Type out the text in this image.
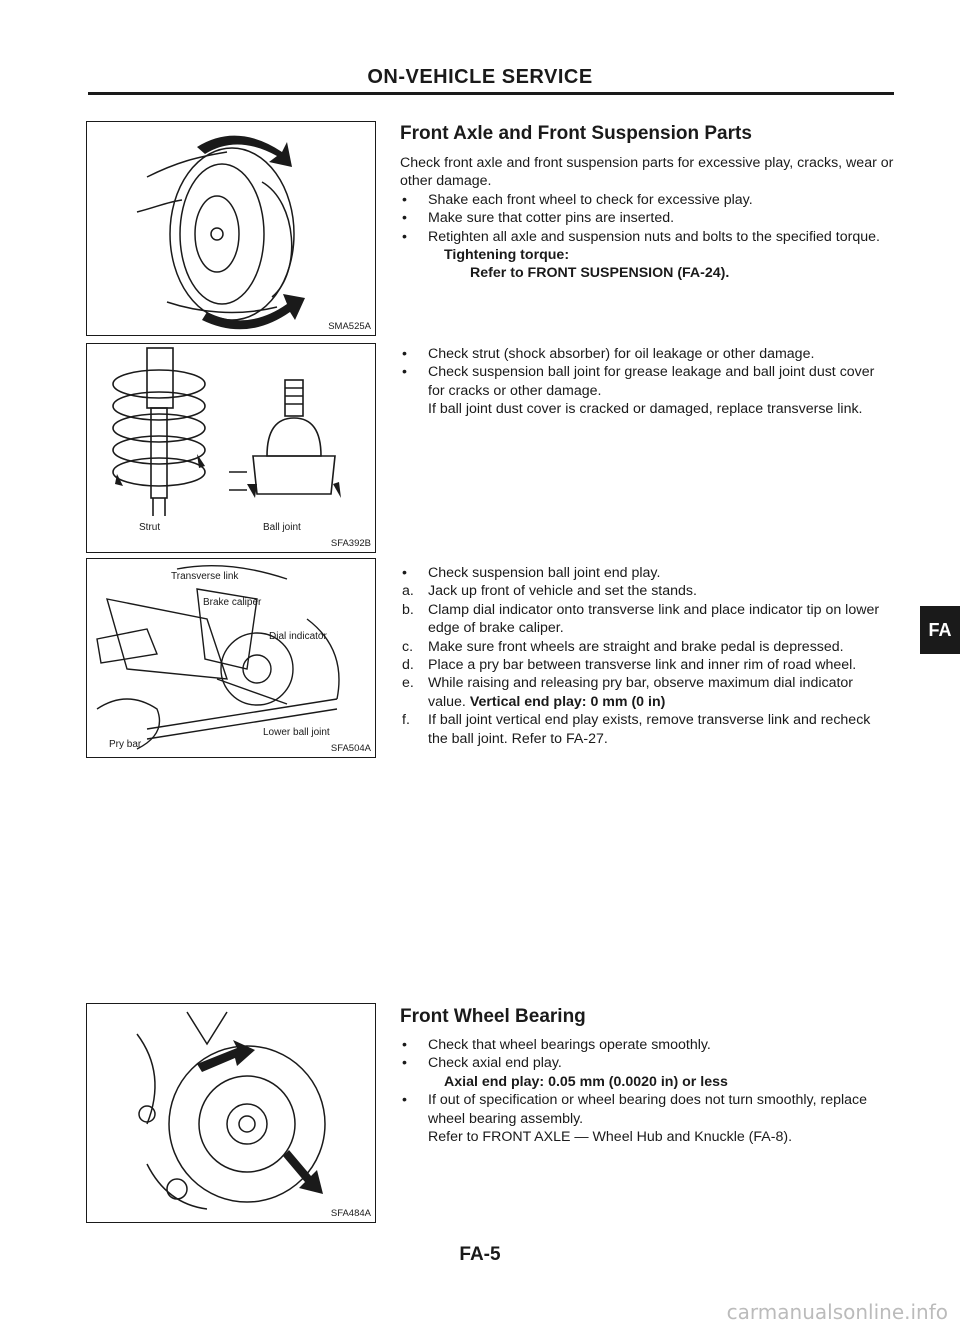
ON-VEHICLE SERVICE
SMA525A
Strut	Ball joint
SFA392B
Transverse link
Brake caliper
Dial indicator
Lower ball joint
Pry bar	SFA504A
SFA484A
Front Axle and Front Suspension Parts
Check front axle and front suspension parts for excessive play, cracks, wear or other damage.
• Shake each front wheel to check for excessive play.
• Make sure that cotter pins are inserted.
• Retighten all axle and suspension nuts and bolts to the specified torque.
Tightening torque:
Refer to FRONT SUSPENSION (FA-24).
• Check strut (shock absorber) for oil leakage or other damage.
• Check suspension ball joint for grease leakage and ball joint dust cover for cracks or other damage.
If ball joint dust cover is cracked or damaged, replace transverse link.
• Check suspension ball joint end play.
a. Jack up front of vehicle and set the stands.
b. Clamp dial indicator onto transverse link and place indicator tip on lower edge of brake caliper.
c. Make sure front wheels are straight and brake pedal is depressed.
d. Place a pry bar between transverse link and inner rim of road wheel.
e. While raising and releasing pry bar, observe maximum dial indicator value. Vertical end play: 0 mm (0 in)
f. If ball joint vertical end play exists, remove transverse link and recheck the ball joint. Refer to FA-27.
Front Wheel Bearing
• Check that wheel bearings operate smoothly.
• Check axial end play.
Axial end play: 0.05 mm (0.0020 in) or less
• If out of specification or wheel bearing does not turn smoothly, replace wheel bearing assembly.
Refer to FRONT AXLE — Wheel Hub and Knuckle (FA-8).
FA
FA-5
carmanualsonline.info
